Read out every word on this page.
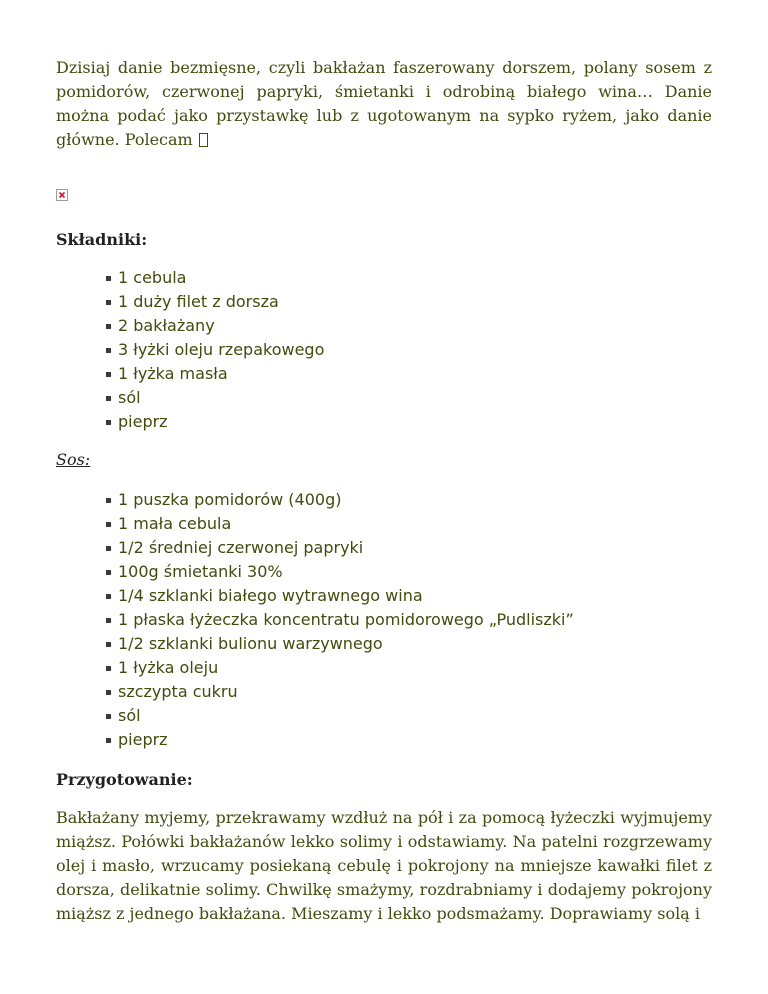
Dzisiaj danie bezmięsne, czyli bakłażan faszerowany dorszem, polany sosem z pomidorów, czerwonej papryki, śmietanki i odrobiną białego wina… Danie można podać jako przystawkę lub z ugotowanym na sypko ryżem, jako danie główne. Polecam

Składniki:
1 cebula
1 duży filet z dorsza
2 bakłażany
3 łyżki oleju rzepakowego
1 łyżka masła
sól
pieprz
Sos:
1 puszka pomidorów (400g)
1 mała cebula
1/2 średniej czerwonej papryki
100g śmietanki 30%
1/4 szklanki białego wytrawnego wina
1 płaska łyżeczka koncentratu pomidorowego „Pudliszki”
1/2 szklanki bulionu warzywnego
1 łyżka oleju
szczypta cukru
sól
pieprz
Przygotowanie:

Bakłażany myjemy, przekrawamy wzdłuż na pół i za pomocą łyżeczki wyjmujemy miąższ. Połówki bakłażanów lekko solimy i odstawiamy. Na patelni rozgrzewamy olej i masło, wrzucamy posiekaną cebulę i pokrojony na mniejsze kawałki filet z dorsza, delikatnie solimy. Chwilkę smażymy, rozdrabniamy i dodajemy pokrojony miąższ z jednego bakłażana. Mieszamy i lekko podsmażamy. Doprawiamy solą i
